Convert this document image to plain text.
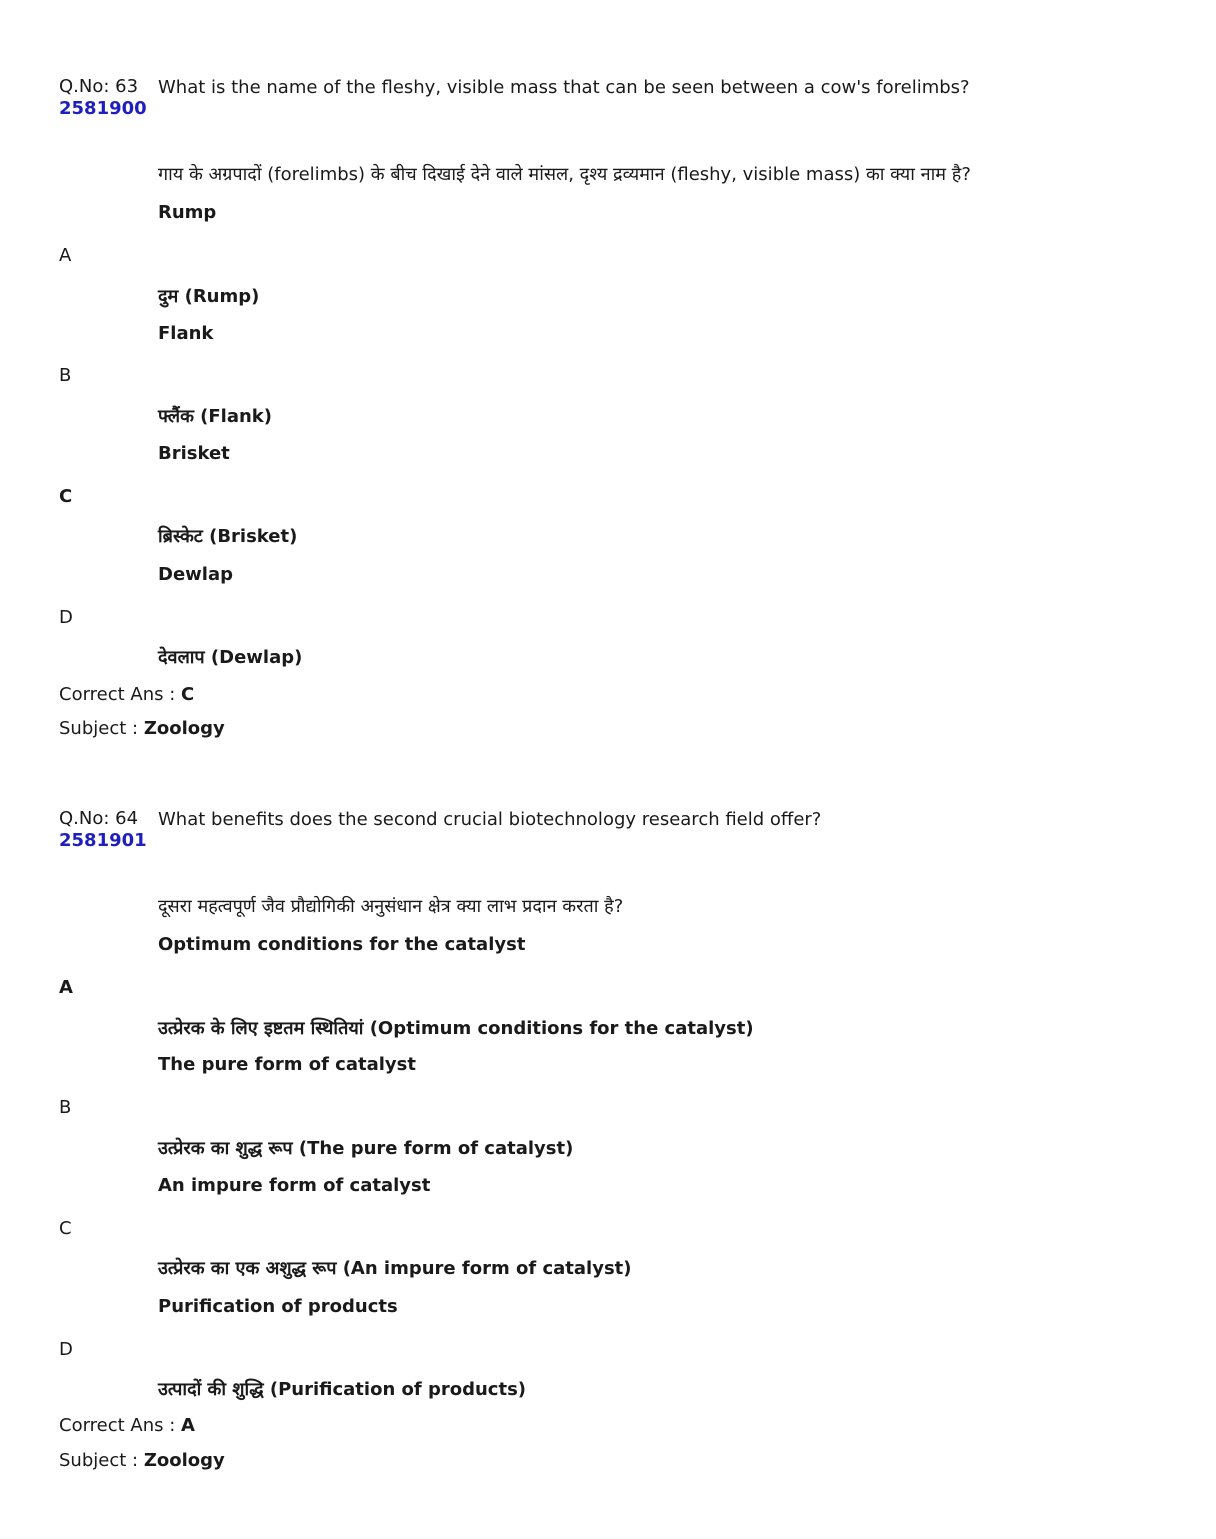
Q.No: 63 What is the name of the fleshy, visible mass that can be seen between a cow's forelimbs?
2581900
गाय के अग्रपादों (forelimbs) के बीच दिखाई देने वाले मांसल, दृश्य द्रव्यमान (fleshy, visible mass) का क्या नाम है?
Rump
A
दुम (Rump)
Flank
B
फ्लैंक (Flank)
Brisket
C
ब्रिस्केट (Brisket)
Dewlap
D
देवलाप (Dewlap)
Correct Ans : C
Subject : Zoology
Q.No: 64 What benefits does the second crucial biotechnology research field offer?
2581901
दूसरा महत्वपूर्ण जैव प्रौद्योगिकी अनुसंधान क्षेत्र क्या लाभ प्रदान करता है?
Optimum conditions for the catalyst
A
उत्प्रेरक के लिए इष्टतम स्थितियां (Optimum conditions for the catalyst)
The pure form of catalyst
B
उत्प्रेरक का शुद्ध रूप (The pure form of catalyst)
An impure form of catalyst
C
उत्प्रेरक का एक अशुद्ध रूप (An impure form of catalyst)
Purification of products
D
उत्पादों की शुद्धि (Purification of products)
Correct Ans : A
Subject : Zoology
